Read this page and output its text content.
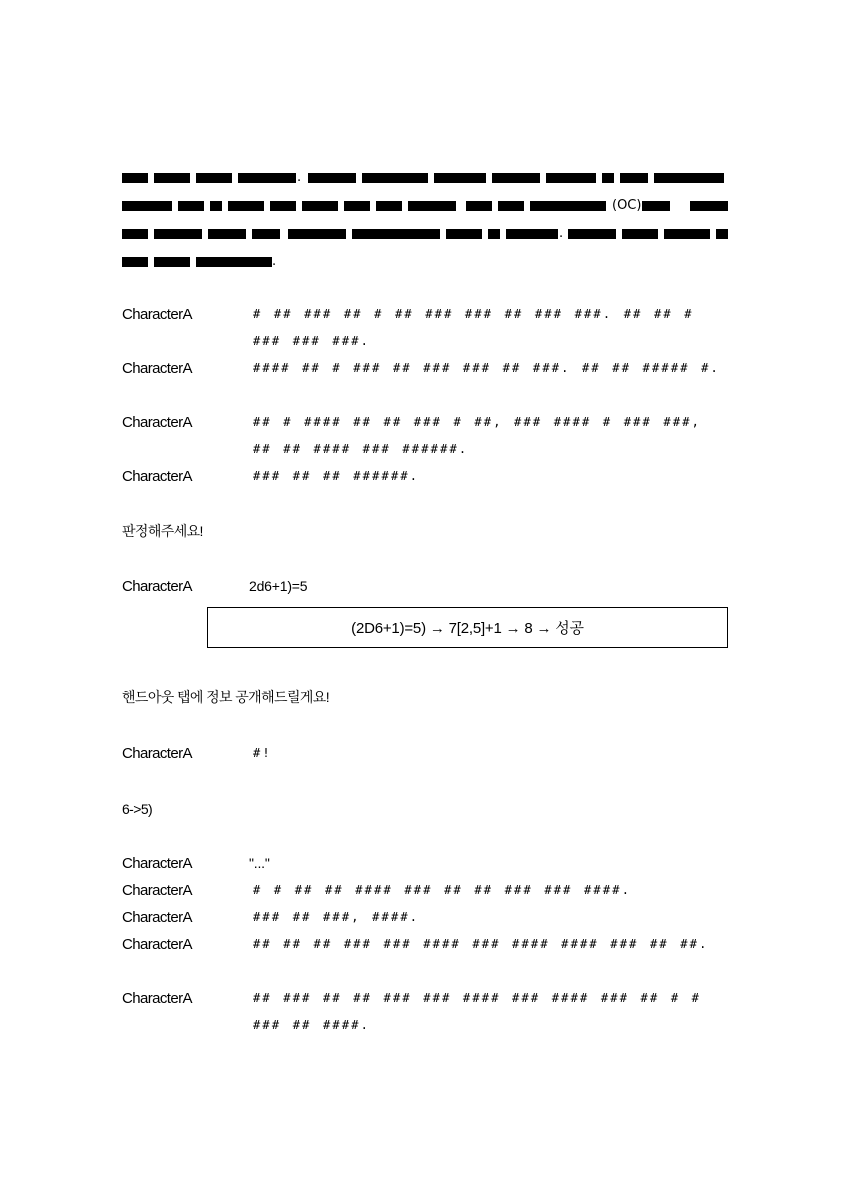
.
(OC)
.
.
CharacterA	# ## ### ## # ## ### ### ## ### ###. ## ## # ### ### ###.
CharacterA	#### ## # ### ## ### ### ## ###. ## ## ##### #.
CharacterA	## # #### ## ## ### # ##, ### #### # ### ###, ## ## #### ### ######.
CharacterA	### ## ## ######.
판정해주세요!
CharacterA	2d6+1)=5
(2D6+1)=5) → 7[2,5]+1 → 8 → 성공
핸드아웃 탭에 정보 공개해드릴게요!
CharacterA	#!
6->5)
CharacterA	"..."
CharacterA	# # ## ## #### ### ## ## ### ### ####.
CharacterA	### ## ###, ####.
CharacterA	## ## ## ### ### #### ### #### #### ### ## ##.
CharacterA	## ### ## ## ### ### #### ### #### ### ## # # ### ## ####.
